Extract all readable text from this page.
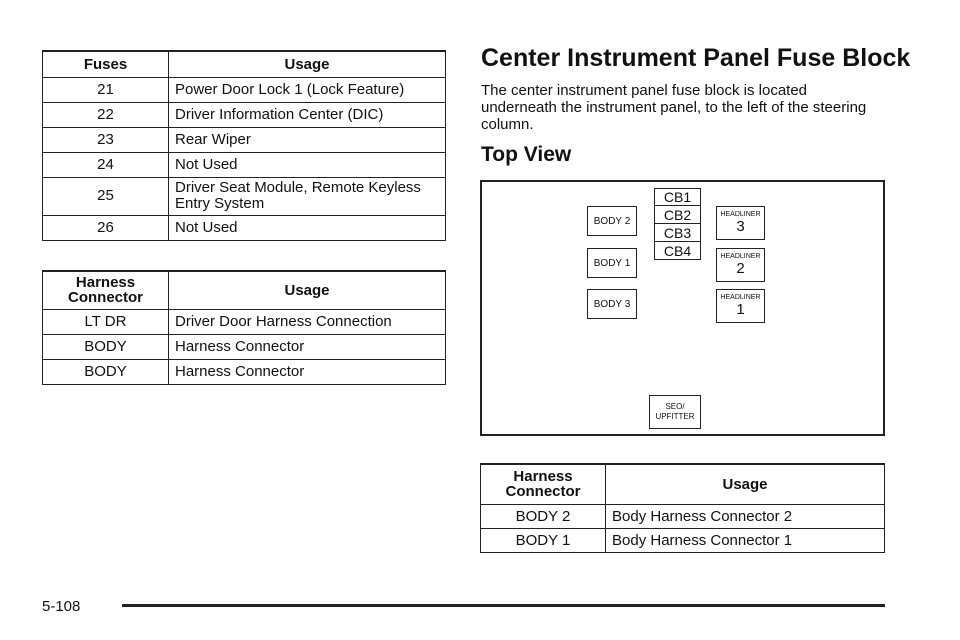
Fuses	Usage
21	Power Door Lock 1 (Lock Feature)
22	Driver Information Center (DIC)
23	Rear Wiper
24	Not Used
25	Driver Seat Module, Remote Keyless Entry System
26	Not Used
Harness Connector	Usage
LT DR	Driver Door Harness Connection
BODY	Harness Connector
BODY	Harness Connector
Center Instrument Panel Fuse Block

The center instrument panel fuse block is located underneath the instrument panel, to the left of the steering column.

Top View
BODY 2
BODY 1
BODY 3
CB1
CB2
CB3
CB4
HEADLINER
3
HEADLINER
2
HEADLINER
1
SEO/
UPFITTER
Harness Connector	Usage
BODY 2	Body Harness Connector 2
BODY 1	Body Harness Connector 1
5-108
